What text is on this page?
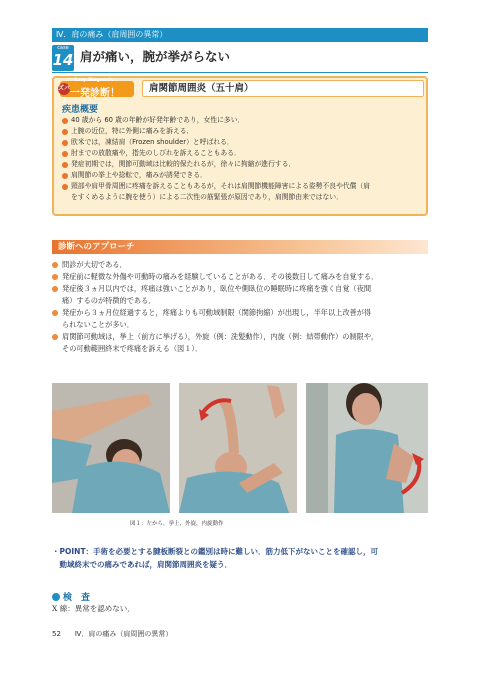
Ⅳ．肩の痛み（肩周囲の異常）
case
14 肩が痛い，腕が挙がらない
Snap Diagnosis
ズバリ
一発診断！	肩関節周囲炎（五十肩）
疾患概要
40 歳から 60 歳の年齢が好発年齢であり，女性に多い．
上腕の近位，特に外側に痛みを訴える．
欧米では，凍結肩（Frozen shoulder）と呼ばれる．
肘までの放散痛や，指先のしびれを訴えることもある．
発症初期では，関節可動域は比較的保たれるが，徐々に拘縮が進行する．
肩関節の挙上や捻転で，痛みが誘発できる．
頸部や肩甲骨周囲に疼痛を訴えることもあるが，それは肩関節機能障害による姿勢不良や代償（肩
をすくめるように腕を使う）による二次性の筋緊張が原因であり，肩関節由来ではない．
診断へのアプローチ
問診が大切である．
発症前に軽微な外傷や可動時の痛みを経験していることがある．その後数日して痛みを自覚する．
発症後３ヵ月以内では，疼痛は強いことがあり，臥位や側臥位の睡眠時に疼痛を強く自覚（夜間
痛）するのが特徴的である．
発症から３ヵ月位経過すると，疼痛よりも可動域制限（関節拘縮）が出現し，半年以上改善が得
られないことが多い．
肩関節可動域は，挙上（前方に挙げる），外旋（例：洗髪動作），内旋（例：結帯動作）の制限や，
その可動範囲終末で疼痛を訴える（図１）．
図１：左から，挙上，外旋，内旋動作
・POINT：手術を必要とする腱板断裂との鑑別は時に難しい．筋力低下がないことを確認し，可
　動域終末での痛みであれば，肩関節周囲炎を疑う．
検　査
X 線：異常を認めない．
52 Ⅳ．肩の痛み（肩周囲の異常）
